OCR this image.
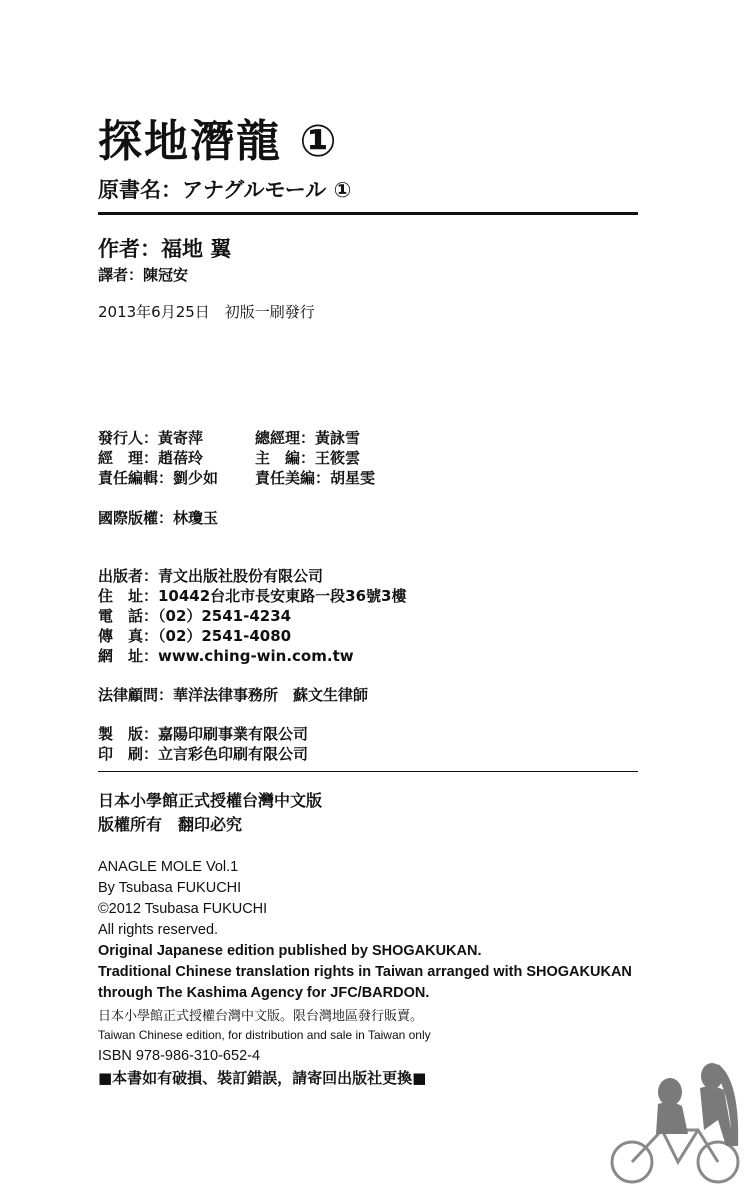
探地潛龍 ①
原書名：アナグルモール ①
作者：福地 翼
譯者：陳冠安
2013年6月25日　初版一刷發行
發行人：黃寄萍	總經理：黃詠雪
經　理：趙蓓玲	主　編：王筱雲
責任編輯：劉少如 責任美編：胡星雯
國際版權：林瓊玉
出版者：青文出版社股份有限公司
住　址：10442台北市長安東路一段36號3樓
電　話：（02）2541-4234
傳　真：（02）2541-4080
網　址：www.ching-win.com.tw
法律顧問：華洋法律事務所　蘇文生律師
製　版：嘉陽印刷事業有限公司
印　刷：立言彩色印刷有限公司
日本小學館正式授權台灣中文版
版權所有　翻印必究
ANAGLE MOLE Vol.1
By Tsubasa FUKUCHI
©2012 Tsubasa FUKUCHI
All rights reserved.
Original Japanese edition published by SHOGAKUKAN.
Traditional Chinese translation rights in Taiwan arranged with SHOGAKUKAN
through The Kashima Agency for JFC/BARDON.
日本小學館正式授權台灣中文版。限台灣地區發行販賣。
Taiwan Chinese edition, for distribution and sale in Taiwan only
ISBN 978-986-310-652-4
■本書如有破損、裝訂錯誤，請寄回出版社更換■
